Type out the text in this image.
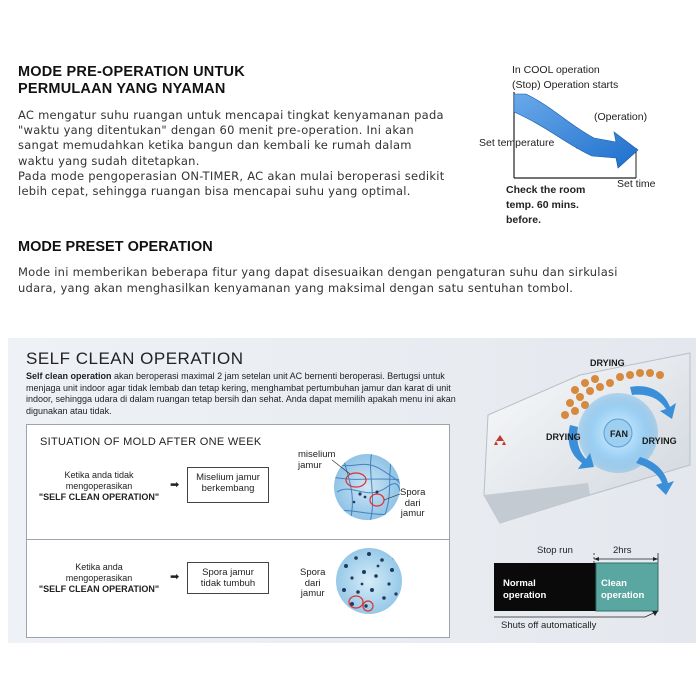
MODE PRE-OPERATION UNTUK
PERMULAAN YANG NYAMAN
AC mengatur suhu ruangan untuk mencapai tingkat kenyamanan pada "waktu yang ditentukan" dengan 60 menit pre-operation. Ini akan sangat memudahkan ketika bangun dan kembali ke rumah dalam waktu yang sudah ditetapkan.
Pada mode pengoperasian ON-TIMER, AC akan mulai beroperasi sedikit lebih cepat, sehingga ruangan bisa mencapai suhu yang optimal.
In COOL operation
(Stop) Operation starts
(Operation)
Set temperature
Set time
Check the room
temp. 60 mins.
before.
MODE PRESET OPERATION
Mode ini memberikan beberapa fitur yang dapat disesuaikan dengan pengaturan suhu dan sirkulasi udara, yang akan menghasilkan kenyamanan yang maksimal dengan satu sentuhan tombol.
SELF CLEAN OPERATION
Self clean operation akan beroperasi maximal 2 jam setelan unit AC bernenti beroperasi. Bertugsi untuk menjaga unit indoor agar tidak lembab dan tetap kering, menghambat pertumbuhan jamur dan karat di unit indoor, sehingga udara di dalam ruangan tetap bersih dan sehat. Anda dapat memilih apakah menu ini akan digunakan atau tidak.
SITUATION OF MOLD AFTER ONE WEEK
Ketika anda tidak
mengoperasikan
"SELF CLEAN OPERATION"
➡
Miselium jamur
berkembang
miselium
jamur
Spora
dari
jamur
Ketika anda
mengoperasikan
"SELF CLEAN OPERATION"
➡	Spora jamur
tidak tumbuh
Spora
dari
jamur
DRYING
DRYING	DRYING
FAN
Stop run	2hrs
Normal
operation
Clean
operation
Shuts off automatically
